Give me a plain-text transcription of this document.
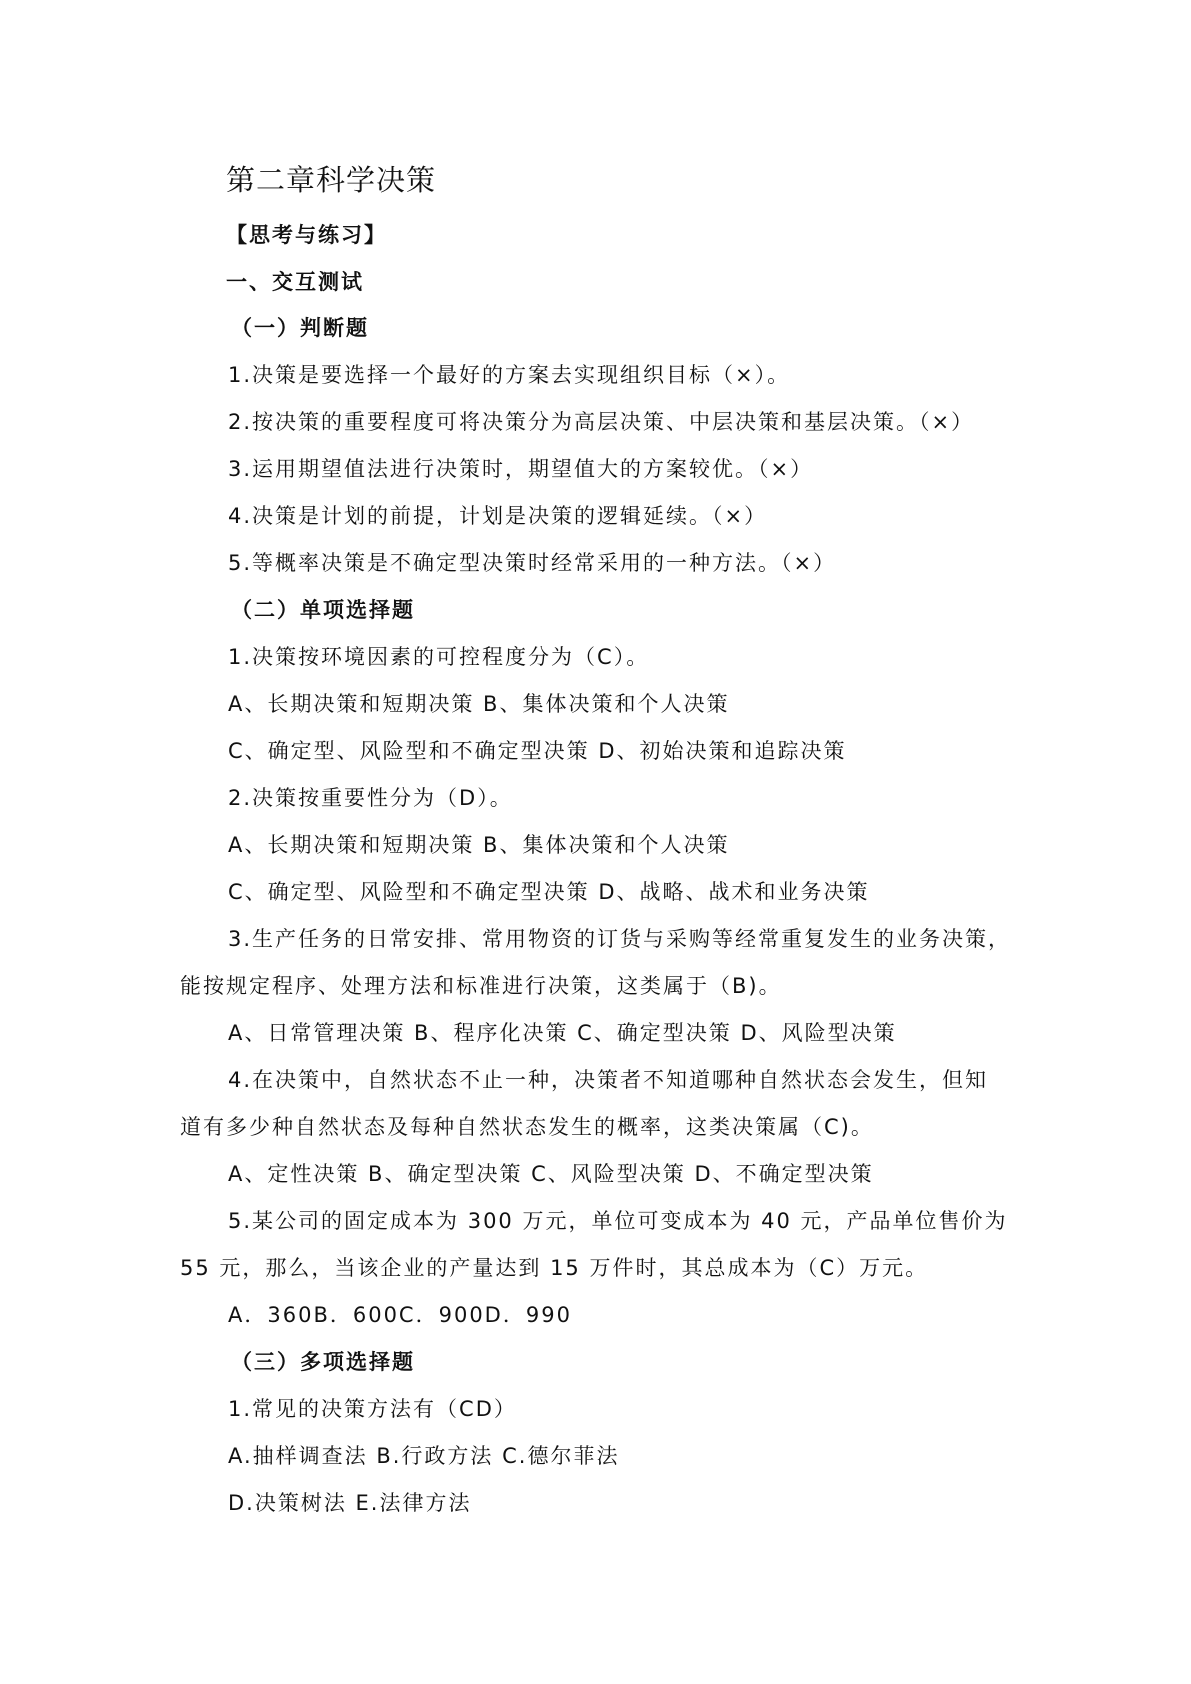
第二章科学决策
【思考与练习】
一、交互测试
（一）判断题
1.决策是要选择一个最好的方案去实现组织目标（×）。
2.按决策的重要程度可将决策分为高层决策、中层决策和基层决策。（×）
3.运用期望值法进行决策时，期望值大的方案较优。（×）
4.决策是计划的前提，计划是决策的逻辑延续。（×）
5.等概率决策是不确定型决策时经常采用的一种方法。（×）
（二）单项选择题
1.决策按环境因素的可控程度分为（C）。
A、长期决策和短期决策 B、集体决策和个人决策
C、确定型、风险型和不确定型决策 D、初始决策和追踪决策
2.决策按重要性分为（D）。
A、长期决策和短期决策 B、集体决策和个人决策
C、确定型、风险型和不确定型决策 D、战略、战术和业务决策
3.生产任务的日常安排、常用物资的订货与采购等经常重复发生的业务决策，
能按规定程序、处理方法和标准进行决策，这类属于（B)。
A、日常管理决策 B、程序化决策 C、确定型决策 D、风险型决策
4.在决策中，自然状态不止一种，决策者不知道哪种自然状态会发生，但知
道有多少种自然状态及每种自然状态发生的概率，这类决策属（C)。
A、定性决策 B、确定型决策 C、风险型决策 D、不确定型决策
5.某公司的固定成本为 300 万元，单位可变成本为 40 元，产品单位售价为
55 元，那么，当该企业的产量达到 15 万件时，其总成本为（C）万元。
A．360B．600C．900D．990
（三）多项选择题
1.常见的决策方法有（CD）
A.抽样调查法 B.行政方法 C.德尔菲法
D.决策树法 E.法律方法
